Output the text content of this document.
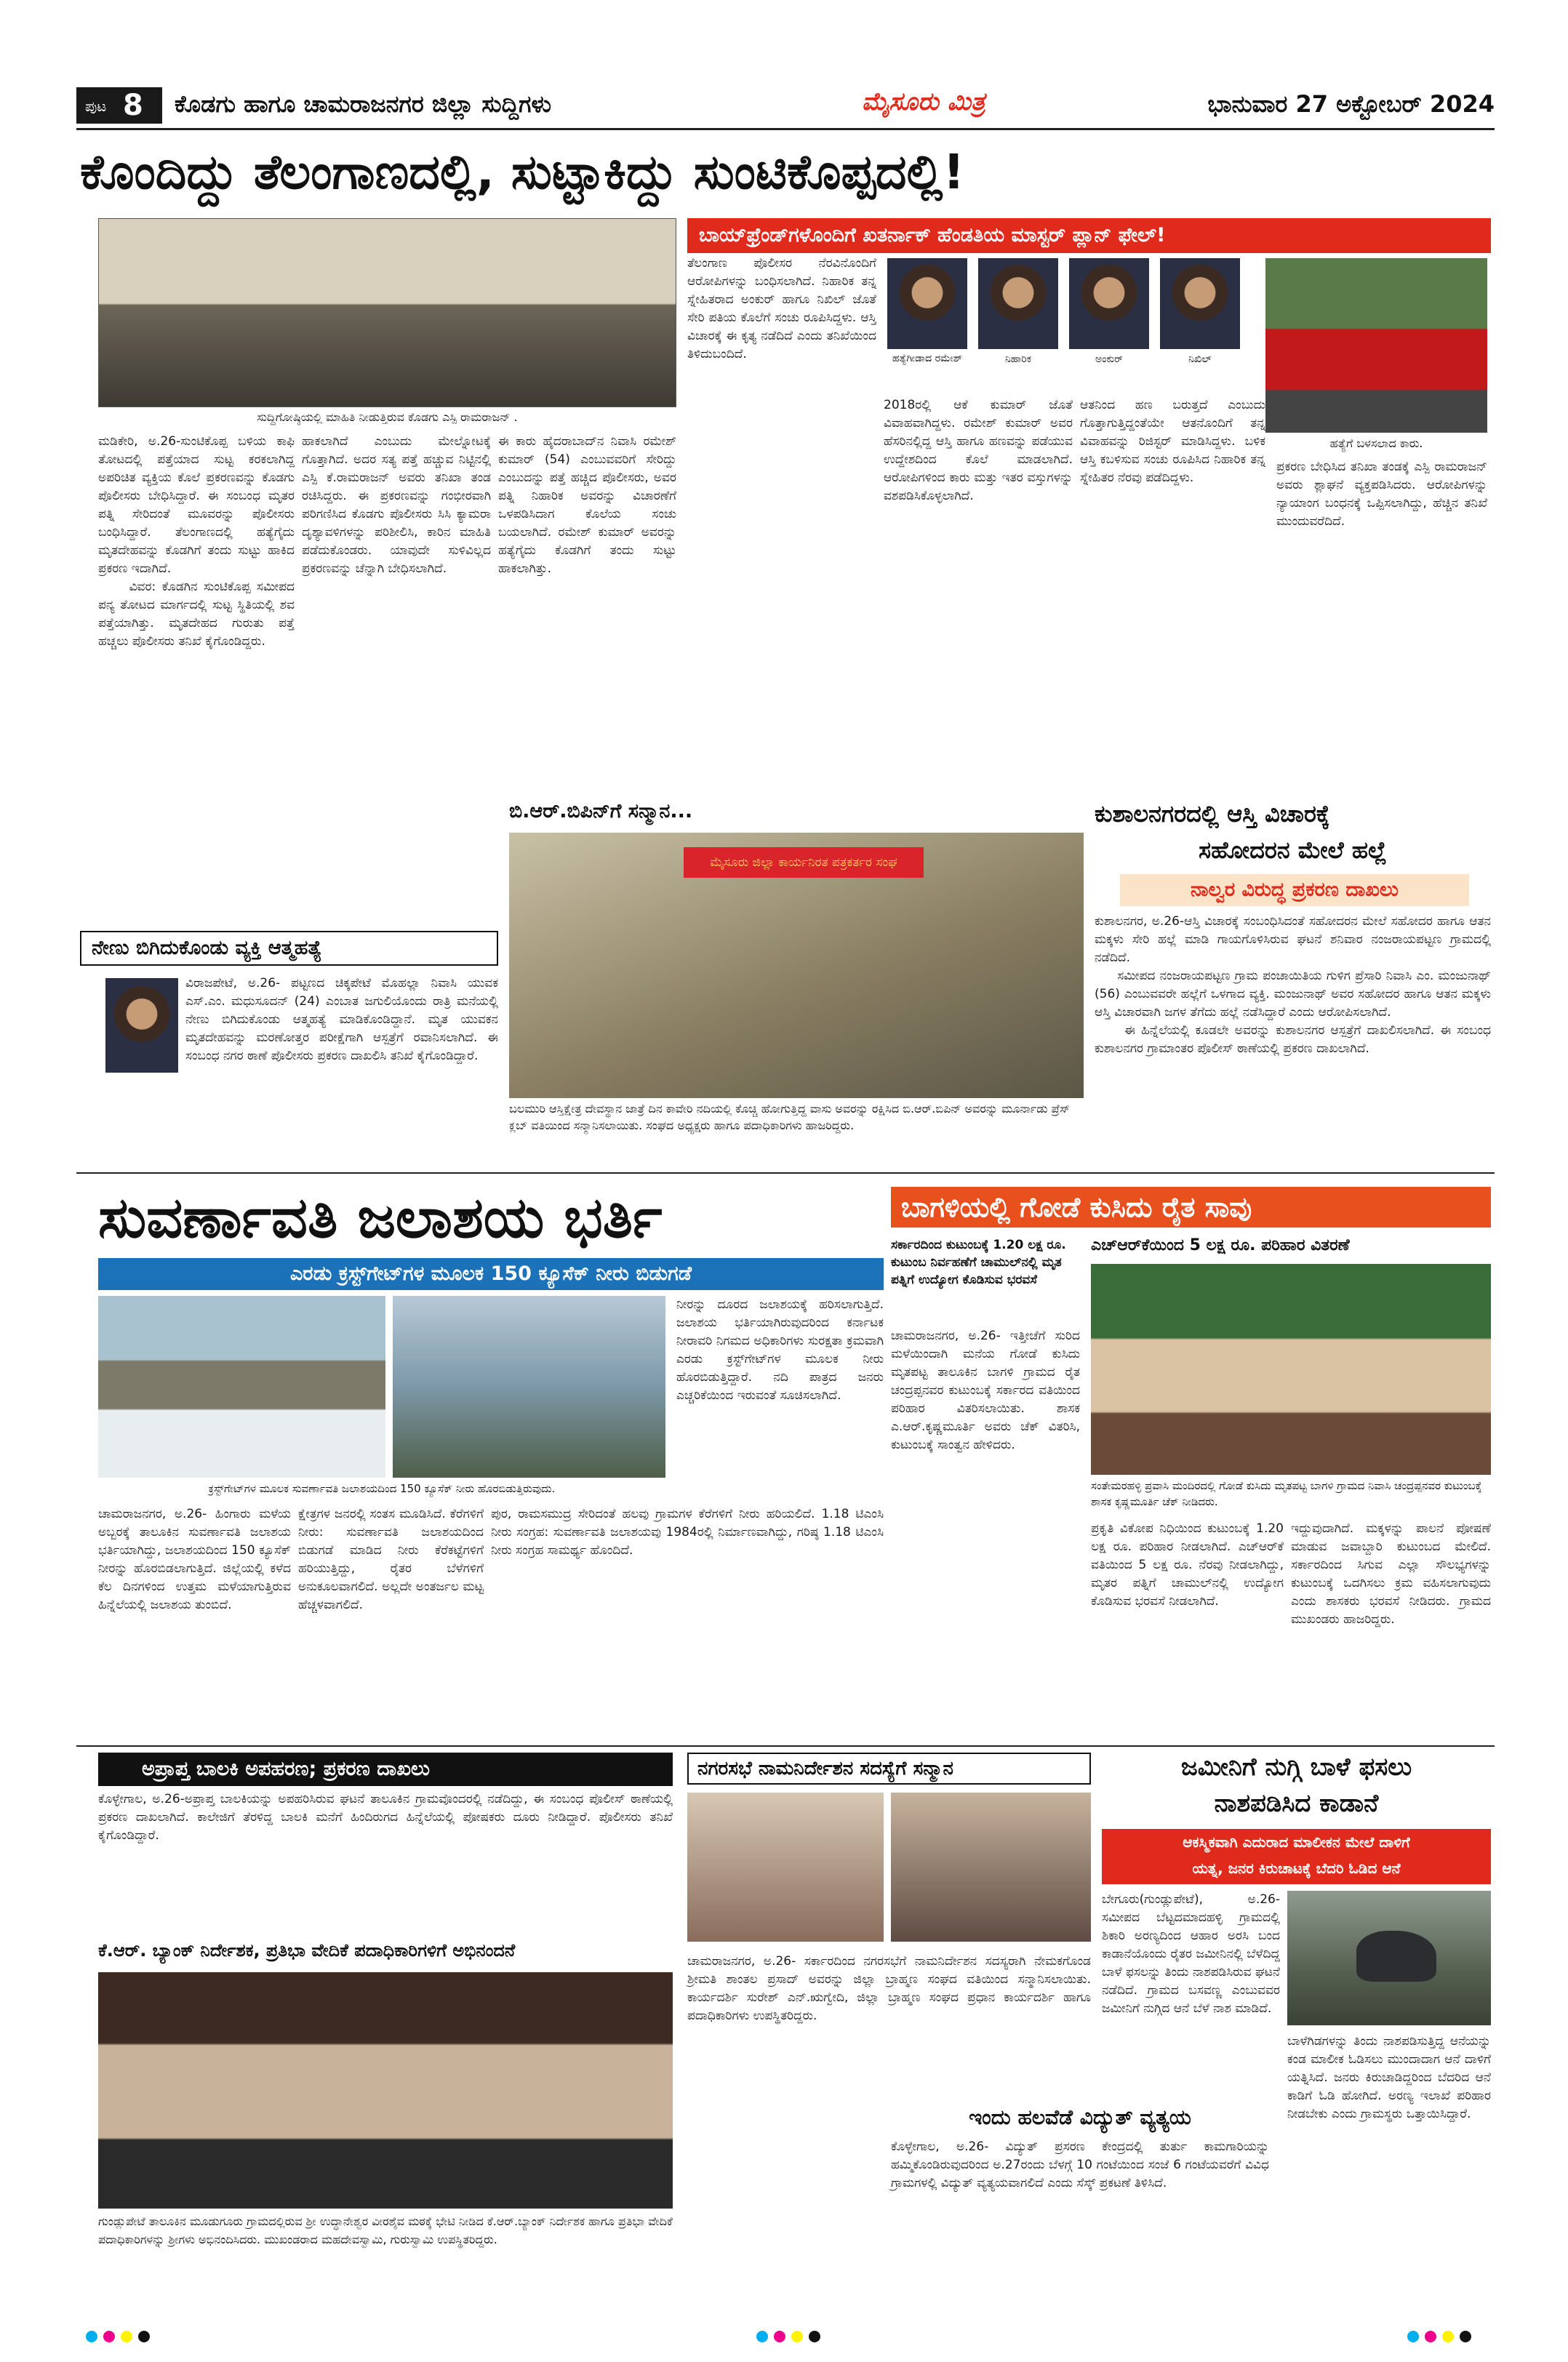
ಪುಟ 8 ಕೊಡಗು ಹಾಗೂ ಚಾಮರಾಜನಗರ ಜಿಲ್ಲಾ ಸುದ್ದಿಗಳು	ಮೈಸೂರು ಮಿತ್ರ	ಭಾನುವಾರ 27 ಅಕ್ಟೋಬರ್ 2024
ಕೊಂದಿದ್ದು ತೆಲಂಗಾಣದಲ್ಲಿ, ಸುಟ್ಟಾಕಿದ್ದು ಸುಂಟಿಕೊಪ್ಪದಲ್ಲಿ!
ಸುದ್ದಿಗೋಷ್ಠಿಯಲ್ಲಿ ಮಾಹಿತಿ ನೀಡುತ್ತಿರುವ ಕೊಡಗು ಎಸ್ಪಿ ರಾಮರಾಜನ್ .
ಬಾಯ್‌ಫ್ರೆಂಡ್‌ಗಳೊಂದಿಗೆ ಖತರ್ನಾಕ್ ಹೆಂಡತಿಯ ಮಾಸ್ಟರ್ ಪ್ಲಾನ್ ಫೇಲ್!
ಹತ್ಯೆಗೀಡಾದ ರಮೇಶ್	ನಿಹಾರಿಕ	ಅಂಕುರ್	ನಿಖಿಲ್
ಹತ್ಯೆಗೆ ಬಳಸಲಾದ ಕಾರು.
ಮಡಿಕೇರಿ, ಅ.26-ಸುಂಟಿಕೊಪ್ಪ ಬಳಿಯ ಕಾಫಿ ತೋಟದಲ್ಲಿ ಪತ್ತೆಯಾದ ಸುಟ್ಟ ಕರಕಲಾಗಿದ್ದ ಅಪರಿಚಿತ ವ್ಯಕ್ತಿಯ ಕೊಲೆ ಪ್ರಕರಣವನ್ನು ಕೊಡಗು ಪೊಲೀಸರು ಬೇಧಿಸಿದ್ದಾರೆ. ಈ ಸಂಬಂಧ ಮೃತರ ಪತ್ನಿ ಸೇರಿದಂತೆ ಮೂವರನ್ನು ಪೊಲೀಸರು ಬಂಧಿಸಿದ್ದಾರೆ. ತೆಲಂಗಾಣದಲ್ಲಿ ಹತ್ಯೆಗೈದು ಮೃತದೇಹವನ್ನು ಕೊಡಗಿಗೆ ತಂದು ಸುಟ್ಟು ಹಾಕಿದ ಪ್ರಕರಣ ಇದಾಗಿದೆ.
ವಿವರ: ಕೊಡಗಿನ ಸುಂಟಿಕೊಪ್ಪ ಸಮೀಪದ ಪನ್ಯ ತೋಟದ ಮಾರ್ಗದಲ್ಲಿ ಸುಟ್ಟ ಸ್ಥಿತಿಯಲ್ಲಿ ಶವ ಪತ್ತೆಯಾಗಿತ್ತು. ಮೃತದೇಹದ ಗುರುತು ಪತ್ತೆ ಹಚ್ಚಲು ಪೊಲೀಸರು ತನಿಖೆ ಕೈಗೊಂಡಿದ್ದರು.
ಹಾಕಲಾಗಿದೆ ಎಂಬುದು ಮೇಲ್ನೋಟಕ್ಕೆ ಗೊತ್ತಾಗಿದೆ. ಅದರ ಸತ್ಯ ಪತ್ತೆ ಹಚ್ಚುವ ನಿಟ್ಟಿನಲ್ಲಿ ಎಸ್ಪಿ ಕೆ.ರಾಮರಾಜನ್ ಅವರು ತನಿಖಾ ತಂಡ ರಚಿಸಿದ್ದರು. ಈ ಪ್ರಕರಣವನ್ನು ಗಂಭೀರವಾಗಿ ಪರಿಗಣಿಸಿದ ಕೊಡಗು ಪೊಲೀಸರು ಸಿಸಿ ಕ್ಯಾಮರಾ ದೃಶ್ಯಾವಳಿಗಳನ್ನು ಪರಿಶೀಲಿಸಿ, ಕಾರಿನ ಮಾಹಿತಿ ಪಡೆದುಕೊಂಡರು. ಯಾವುದೇ ಸುಳಿವಿಲ್ಲದ ಪ್ರಕರಣವನ್ನು ಚೆನ್ನಾಗಿ ಬೇಧಿಸಲಾಗಿದೆ.
ಈ ಕಾರು ಹೈದರಾಬಾದ್‌ನ ನಿವಾಸಿ ರಮೇಶ್ ಕುಮಾರ್ (54) ಎಂಬುವವರಿಗೆ ಸೇರಿದ್ದು ಎಂಬುದನ್ನು ಪತ್ತೆ ಹಚ್ಚಿದ ಪೊಲೀಸರು, ಅವರ ಪತ್ನಿ ನಿಹಾರಿಕ ಅವರನ್ನು ವಿಚಾರಣೆಗೆ ಒಳಪಡಿಸಿದಾಗ ಕೊಲೆಯ ಸಂಚು ಬಯಲಾಗಿದೆ. ರಮೇಶ್ ಕುಮಾರ್ ಅವರನ್ನು ಹತ್ಯೆಗೈದು ಕೊಡಗಿಗೆ ತಂದು ಸುಟ್ಟು ಹಾಕಲಾಗಿತ್ತು.
ತೆಲಂಗಾಣ ಪೊಲೀಸರ ನೆರವಿನೊಂದಿಗೆ ಆರೋಪಿಗಳನ್ನು ಬಂಧಿಸಲಾಗಿದೆ. ನಿಹಾರಿಕ ತನ್ನ ಸ್ನೇಹಿತರಾದ ಅಂಕುರ್ ಹಾಗೂ ನಿಖಿಲ್ ಜೊತೆ ಸೇರಿ ಪತಿಯ ಕೊಲೆಗೆ ಸಂಚು ರೂಪಿಸಿದ್ದಳು. ಆಸ್ತಿ ವಿಚಾರಕ್ಕೆ ಈ ಕೃತ್ಯ ನಡೆದಿದೆ ಎಂದು ತನಿಖೆಯಿಂದ ತಿಳಿದುಬಂದಿದೆ.
2018ರಲ್ಲಿ ಆಕೆ ಕುಮಾರ್ ಜೊತೆ ವಿವಾಹವಾಗಿದ್ದಳು. ರಮೇಶ್ ಕುಮಾರ್ ಅವರ ಹೆಸರಿನಲ್ಲಿದ್ದ ಆಸ್ತಿ ಹಾಗೂ ಹಣವನ್ನು ಪಡೆಯುವ ಉದ್ದೇಶದಿಂದ ಕೊಲೆ ಮಾಡಲಾಗಿದೆ. ಆರೋಪಿಗಳಿಂದ ಕಾರು ಮತ್ತು ಇತರ ವಸ್ತುಗಳನ್ನು ವಶಪಡಿಸಿಕೊಳ್ಳಲಾಗಿದೆ.
ಆತನಿಂದ ಹಣ ಬರುತ್ತದೆ ಎಂಬುದು ಗೊತ್ತಾಗುತ್ತಿದ್ದಂತೆಯೇ ಆತನೊಂದಿಗೆ ತನ್ನ ವಿವಾಹವನ್ನು ರಿಜಿಸ್ಟರ್ ಮಾಡಿಸಿದ್ದಳು. ಬಳಿಕ ಆಸ್ತಿ ಕಬಳಿಸುವ ಸಂಚು ರೂಪಿಸಿದ ನಿಹಾರಿಕ ತನ್ನ ಸ್ನೇಹಿತರ ನೆರವು ಪಡೆದಿದ್ದಳು.
ಪ್ರಕರಣ ಬೇಧಿಸಿದ ತನಿಖಾ ತಂಡಕ್ಕೆ ಎಸ್ಪಿ ರಾಮರಾಜನ್ ಅವರು ಶ್ಲಾಘನೆ ವ್ಯಕ್ತಪಡಿಸಿದರು. ಆರೋಪಿಗಳನ್ನು ನ್ಯಾಯಾಂಗ ಬಂಧನಕ್ಕೆ ಒಪ್ಪಿಸಲಾಗಿದ್ದು, ಹೆಚ್ಚಿನ ತನಿಖೆ ಮುಂದುವರೆದಿದೆ.
ನೇಣು ಬಿಗಿದುಕೊಂಡು ವ್ಯಕ್ತಿ ಆತ್ಮಹತ್ಯೆ
ವಿರಾಜಪೇಟೆ, ಅ.26- ಪಟ್ಟಣದ ಚಿಕ್ಕಪೇಟೆ ಮೊಹಲ್ಲಾ ನಿವಾಸಿ ಯುವಕ ಎಸ್.ಎಂ. ಮಧುಸೂದನ್ (24) ಎಂಬಾತ ಜಗುಲಿಯೊಂದು ರಾತ್ರಿ ಮನೆಯಲ್ಲಿ ನೇಣು ಬಿಗಿದುಕೊಂಡು ಆತ್ಮಹತ್ಯೆ ಮಾಡಿಕೊಂಡಿದ್ದಾನೆ. ಮೃತ ಯುವಕನ ಮೃತದೇಹವನ್ನು ಮರಣೋತ್ತರ ಪರೀಕ್ಷೆಗಾಗಿ ಆಸ್ಪತ್ರೆಗೆ ರವಾನಿಸಲಾಗಿದೆ. ಈ ಸಂಬಂಧ ನಗರ ಠಾಣೆ ಪೊಲೀಸರು ಪ್ರಕರಣ ದಾಖಲಿಸಿ ತನಿಖೆ ಕೈಗೊಂಡಿದ್ದಾರೆ.
ಬಿ.ಆರ್.ಬಿಪಿನ್‌ಗೆ ಸನ್ಮಾನ...
ಮೈಸೂರು ಜಿಲ್ಲಾ ಕಾರ್ಯನಿರತ ಪತ್ರಕರ್ತರ ಸಂಘ
ಬಲಮುರಿ ಆಸ್ತಿಕ್ಷೇತ್ರ ದೇವಸ್ಥಾನ ಜಾತ್ರೆ ದಿನ ಕಾವೇರಿ ನದಿಯಲ್ಲಿ ಕೊಚ್ಚಿ ಹೋಗುತ್ತಿದ್ದ ವಾಸು ಅವರನ್ನು ರಕ್ಷಿಸಿದ ಬಿ.ಆರ್.ಬಿಪಿನ್ ಅವರನ್ನು ಮೂರ್ನಾಡು ಪ್ರೆಸ್ ಕ್ಲಬ್ ವತಿಯಿಂದ ಸನ್ಮಾನಿಸಲಾಯಿತು. ಸಂಘದ ಅಧ್ಯಕ್ಷರು ಹಾಗೂ ಪದಾಧಿಕಾರಿಗಳು ಹಾಜರಿದ್ದರು.
ಕುಶಾಲನಗರದಲ್ಲಿ ಆಸ್ತಿ ವಿಚಾರಕ್ಕೆ
ಸಹೋದರನ ಮೇಲೆ ಹಲ್ಲೆ
ನಾಲ್ವರ ವಿರುದ್ಧ ಪ್ರಕರಣ ದಾಖಲು
ಕುಶಾಲನಗರ, ಅ.26-ಆಸ್ತಿ ವಿಚಾರಕ್ಕೆ ಸಂಬಂಧಿಸಿದಂತೆ ಸಹೋದರನ ಮೇಲೆ ಸಹೋದರ ಹಾಗೂ ಆತನ ಮಕ್ಕಳು ಸೇರಿ ಹಲ್ಲೆ ಮಾಡಿ ಗಾಯಗೊಳಿಸಿರುವ ಘಟನೆ ಶನಿವಾರ ನಂಜರಾಯಪಟ್ಟಣ ಗ್ರಾಮದಲ್ಲಿ ನಡೆದಿದೆ.
ಸಮೀಪದ ನಂಜರಾಯಪಟ್ಟಣ ಗ್ರಾಮ ಪಂಚಾಯಿತಿಯ ಗುಳಿಗ ಪ್ರೆಸಾರಿ ನಿವಾಸಿ ಎಂ. ಮಂಜುನಾಥ್ (56) ಎಂಬುವವರೇ ಹಲ್ಲೆಗೆ ಒಳಗಾದ ವ್ಯಕ್ತಿ. ಮಂಜುನಾಥ್ ಅವರ ಸಹೋದರ ಹಾಗೂ ಆತನ ಮಕ್ಕಳು ಆಸ್ತಿ ವಿಚಾರವಾಗಿ ಜಗಳ ತೆಗೆದು ಹಲ್ಲೆ ನಡೆಸಿದ್ದಾರೆ ಎಂದು ಆರೋಪಿಸಲಾಗಿದೆ.
ಈ ಹಿನ್ನೆಲೆಯಲ್ಲಿ ಕೂಡಲೇ ಅವರನ್ನು ಕುಶಾಲನಗರ ಆಸ್ಪತ್ರೆಗೆ ದಾಖಲಿಸಲಾಗಿದೆ. ಈ ಸಂಬಂಧ ಕುಶಾಲನಗರ ಗ್ರಾಮಾಂತರ ಪೊಲೀಸ್ ಠಾಣೆಯಲ್ಲಿ ಪ್ರಕರಣ ದಾಖಲಾಗಿದೆ.
ಸುವರ್ಣಾವತಿ ಜಲಾಶಯ ಭರ್ತಿ
ಎರಡು ಕ್ರಸ್ಟ್‌ಗೇಟ್‌ಗಳ ಮೂಲಕ 150 ಕ್ಯೂಸೆಕ್ ನೀರು ಬಿಡುಗಡೆ
ಕ್ರಸ್ಟ್‌ಗೇಟ್‌ಗಳ ಮೂಲಕ ಸುವರ್ಣಾವತಿ ಜಲಾಶಯದಿಂದ 150 ಕ್ಯೂಸೆಕ್ ನೀರು ಹೊರಬಿಡುತ್ತಿರುವುದು.
ನೀರನ್ನು ದೂರದ ಜಲಾಶಯಕ್ಕೆ ಹರಿಸಲಾಗುತ್ತಿದೆ. ಜಲಾಶಯ ಭರ್ತಿಯಾಗಿರುವುದರಿಂದ ಕರ್ನಾಟಕ ನೀರಾವರಿ ನಿಗಮದ ಅಧಿಕಾರಿಗಳು ಸುರಕ್ಷತಾ ಕ್ರಮವಾಗಿ ಎರಡು ಕ್ರಸ್ಟ್‌ಗೇಟ್‌ಗಳ ಮೂಲಕ ನೀರು ಹೊರಬಿಡುತ್ತಿದ್ದಾರೆ. ನದಿ ಪಾತ್ರದ ಜನರು ಎಚ್ಚರಿಕೆಯಿಂದ ಇರುವಂತೆ ಸೂಚಿಸಲಾಗಿದೆ.
ಚಾಮರಾಜನಗರ, ಅ.26- ಹಿಂಗಾರು ಮಳೆಯ ಅಬ್ಬರಕ್ಕೆ ತಾಲೂಕಿನ ಸುವರ್ಣಾವತಿ ಜಲಾಶಯ ಭರ್ತಿಯಾಗಿದ್ದು, ಜಲಾಶಯದಿಂದ 150 ಕ್ಯೂಸೆಕ್ ನೀರನ್ನು ಹೊರಬಿಡಲಾಗುತ್ತಿದೆ. ಜಿಲ್ಲೆಯಲ್ಲಿ ಕಳೆದ ಕೆಲ ದಿನಗಳಿಂದ ಉತ್ತಮ ಮಳೆಯಾಗುತ್ತಿರುವ ಹಿನ್ನೆಲೆಯಲ್ಲಿ ಜಲಾಶಯ ತುಂಬಿದೆ.
ಕ್ಷೇತ್ರಗಳ ಜನರಲ್ಲಿ ಸಂತಸ ಮೂಡಿಸಿದೆ. ಕೆರೆಗಳಿಗೆ ನೀರು: ಸುವರ್ಣಾವತಿ ಜಲಾಶಯದಿಂದ ಬಿಡುಗಡೆ ಮಾಡಿದ ನೀರು ಕೆರೆಕಟ್ಟೆಗಳಿಗೆ ಹರಿಯುತ್ತಿದ್ದು, ರೈತರ ಬೆಳೆಗಳಿಗೆ ಅನುಕೂಲವಾಗಲಿದೆ. ಅಲ್ಲದೇ ಅಂತರ್ಜಲ ಮಟ್ಟ ಹೆಚ್ಚಳವಾಗಲಿದೆ.
ಪುರ, ರಾಮಸಮುದ್ರ ಸೇರಿದಂತೆ ಹಲವು ಗ್ರಾಮಗಳ ಕೆರೆಗಳಿಗೆ ನೀರು ಹರಿಯಲಿದೆ. 1.18 ಟಿಎಂಸಿ ನೀರು ಸಂಗ್ರಹ: ಸುವರ್ಣಾವತಿ ಜಲಾಶಯವು 1984ರಲ್ಲಿ ನಿರ್ಮಾಣವಾಗಿದ್ದು, ಗರಿಷ್ಠ 1.18 ಟಿಎಂಸಿ ನೀರು ಸಂಗ್ರಹ ಸಾಮರ್ಥ್ಯ ಹೊಂದಿದೆ.
ಬಾಗಳಿಯಲ್ಲಿ ಗೋಡೆ ಕುಸಿದು ರೈತ ಸಾವು
ಸರ್ಕಾರದಿಂದ ಕುಟುಂಬಕ್ಕೆ 1.20 ಲಕ್ಷ ರೂ. ಕುಟುಂಬ ನಿರ್ವಹಣೆಗೆ ಚಾಮುಲ್‌ನಲ್ಲಿ ಮೃತ ಪತ್ನಿಗೆ ಉದ್ಯೋಗ ಕೊಡಿಸುವ ಭರವಸೆ
ಎಚ್‌ಆರ್‌ಕೆಯಿಂದ 5 ಲಕ್ಷ ರೂ. ಪರಿಹಾರ ವಿತರಣೆ
ಸಂತೇಮರಹಳ್ಳಿ ಪ್ರವಾಸಿ ಮಂದಿರದಲ್ಲಿ ಗೋಡೆ ಕುಸಿದು ಮೃತಪಟ್ಟ ಬಾಗಳಿ ಗ್ರಾಮದ ನಿವಾಸಿ ಚಂದ್ರಪ್ಪನವರ ಕುಟುಂಬಕ್ಕೆ ಶಾಸಕ ಕೃಷ್ಣಮೂರ್ತಿ ಚೆಕ್ ನೀಡಿದರು.
ಚಾಮರಾಜನಗರ, ಅ.26- ಇತ್ತೀಚೆಗೆ ಸುರಿದ ಮಳೆಯಿಂದಾಗಿ ಮನೆಯ ಗೋಡೆ ಕುಸಿದು ಮೃತಪಟ್ಟ ತಾಲೂಕಿನ ಬಾಗಳಿ ಗ್ರಾಮದ ರೈತ ಚಂದ್ರಪ್ಪನವರ ಕುಟುಂಬಕ್ಕೆ ಸರ್ಕಾರದ ವತಿಯಿಂದ ಪರಿಹಾರ ವಿತರಿಸಲಾಯಿತು. ಶಾಸಕ ಎ.ಆರ್.ಕೃಷ್ಣಮೂರ್ತಿ ಅವರು ಚೆಕ್ ವಿತರಿಸಿ, ಕುಟುಂಬಕ್ಕೆ ಸಾಂತ್ವನ ಹೇಳಿದರು.
ಪ್ರಕೃತಿ ವಿಕೋಪ ನಿಧಿಯಿಂದ ಕುಟುಂಬಕ್ಕೆ 1.20 ಲಕ್ಷ ರೂ. ಪರಿಹಾರ ನೀಡಲಾಗಿದೆ. ಎಚ್‌ಆರ್‌ಕೆ ವತಿಯಿಂದ 5 ಲಕ್ಷ ರೂ. ನೆರವು ನೀಡಲಾಗಿದ್ದು, ಮೃತರ ಪತ್ನಿಗೆ ಚಾಮುಲ್‌ನಲ್ಲಿ ಉದ್ಯೋಗ ಕೊಡಿಸುವ ಭರವಸೆ ನೀಡಲಾಗಿದೆ.
ಇದ್ದುವುದಾಗಿದೆ. ಮಕ್ಕಳನ್ನು ಪಾಲನೆ ಪೋಷಣೆ ಮಾಡುವ ಜವಾಬ್ದಾರಿ ಕುಟುಂಬದ ಮೇಲಿದೆ. ಸರ್ಕಾರದಿಂದ ಸಿಗುವ ಎಲ್ಲಾ ಸೌಲಭ್ಯಗಳನ್ನು ಕುಟುಂಬಕ್ಕೆ ಒದಗಿಸಲು ಕ್ರಮ ವಹಿಸಲಾಗುವುದು ಎಂದು ಶಾಸಕರು ಭರವಸೆ ನೀಡಿದರು. ಗ್ರಾಮದ ಮುಖಂಡರು ಹಾಜರಿದ್ದರು.
ಅಪ್ರಾಪ್ತ ಬಾಲಕಿ ಅಪಹರಣ; ಪ್ರಕರಣ ದಾಖಲು
ಕೊಳ್ಳೇಗಾಲ, ಅ.26-ಅಪ್ರಾಪ್ತ ಬಾಲಕಿಯನ್ನು ಅಪಹರಿಸಿರುವ ಘಟನೆ ತಾಲೂಕಿನ ಗ್ರಾಮವೊಂದರಲ್ಲಿ ನಡೆದಿದ್ದು, ಈ ಸಂಬಂಧ ಪೊಲೀಸ್ ಠಾಣೆಯಲ್ಲಿ ಪ್ರಕರಣ ದಾಖಲಾಗಿದೆ. ಕಾಲೇಜಿಗೆ ತೆರಳಿದ್ದ ಬಾಲಕಿ ಮನೆಗೆ ಹಿಂದಿರುಗದ ಹಿನ್ನೆಲೆಯಲ್ಲಿ ಪೋಷಕರು ದೂರು ನೀಡಿದ್ದಾರೆ. ಪೊಲೀಸರು ತನಿಖೆ ಕೈಗೊಂಡಿದ್ದಾರೆ.
ಕೆ.ಆರ್. ಬ್ಯಾಂಕ್ ನಿರ್ದೇಶಕ, ಪ್ರತಿಭಾ ವೇದಿಕೆ ಪದಾಧಿಕಾರಿಗಳಿಗೆ ಅಭಿನಂದನೆ
ಗುಂಡ್ಲುಪೇಟೆ ತಾಲೂಕಿನ ಮೂಡುಗೂರು ಗ್ರಾಮದಲ್ಲಿರುವ ಶ್ರೀ ಉದ್ಧಾನೇಶ್ವರ ವೀರಶೈವ ಮಠಕ್ಕೆ ಭೇಟಿ ನೀಡಿದ ಕೆ.ಆರ್.ಬ್ಯಾಂಕ್ ನಿರ್ದೇಶಕ ಹಾಗೂ ಪ್ರತಿಭಾ ವೇದಿಕೆ ಪದಾಧಿಕಾರಿಗಳನ್ನು ಶ್ರೀಗಳು ಅಭಿನಂದಿಸಿದರು. ಮುಖಂಡರಾದ ಮಹದೇವಸ್ವಾಮಿ, ಗುರುಸ್ವಾಮಿ ಉಪಸ್ಥಿತರಿದ್ದರು.
ನಗರಸಭೆ ನಾಮನಿರ್ದೇಶನ ಸದಸ್ಯೆಗೆ ಸನ್ಮಾನ
ಚಾಮರಾಜನಗರ, ಅ.26- ಸರ್ಕಾರದಿಂದ ನಗರಸಭೆಗೆ ನಾಮನಿರ್ದೇಶನ ಸದಸ್ಯರಾಗಿ ನೇಮಕಗೊಂಡ ಶ್ರೀಮತಿ ಶಾಂತಲ ಪ್ರಸಾದ್ ಅವರನ್ನು ಜಿಲ್ಲಾ ಬ್ರಾಹ್ಮಣ ಸಂಘದ ವತಿಯಿಂದ ಸನ್ಮಾನಿಸಲಾಯಿತು. ಕಾರ್ಯದರ್ಶಿ ಸುರೇಶ್ ಎನ್.ಋಗ್ವೇದಿ, ಜಿಲ್ಲಾ ಬ್ರಾಹ್ಮಣ ಸಂಘದ ಪ್ರಧಾನ ಕಾರ್ಯದರ್ಶಿ ಹಾಗೂ ಪದಾಧಿಕಾರಿಗಳು ಉಪಸ್ಥಿತರಿದ್ದರು.
ಇಂದು ಹಲವೆಡೆ ವಿದ್ಯುತ್ ವ್ಯತ್ಯಯ
ಕೊಳ್ಳೇಗಾಲ, ಅ.26- ವಿದ್ಯುತ್ ಪ್ರಸರಣ ಕೇಂದ್ರದಲ್ಲಿ ತುರ್ತು ಕಾಮಗಾರಿಯನ್ನು ಹಮ್ಮಿಕೊಂಡಿರುವುದರಿಂದ ಅ.27ರಂದು ಬೆಳಗ್ಗೆ 10 ಗಂಟೆಯಿಂದ ಸಂಜೆ 6 ಗಂಟೆಯವರೆಗೆ ವಿವಿಧ ಗ್ರಾಮಗಳಲ್ಲಿ ವಿದ್ಯುತ್ ವ್ಯತ್ಯಯವಾಗಲಿದೆ ಎಂದು ಸೆಸ್ಕ್ ಪ್ರಕಟಣೆ ತಿಳಿಸಿದೆ.
ಜಮೀನಿಗೆ ನುಗ್ಗಿ ಬಾಳೆ ಫಸಲು
ನಾಶಪಡಿಸಿದ ಕಾಡಾನೆ
ಆಕಸ್ಮಿಕವಾಗಿ ಎದುರಾದ ಮಾಲೀಕನ ಮೇಲೆ ದಾಳಿಗೆ
ಯತ್ನ, ಜನರ ಕಿರುಚಾಟಕ್ಕೆ ಬೆದರಿ ಓಡಿದ ಆನೆ
ಬೇಗೂರು(ಗುಂಡ್ಲುಪೇಟೆ), ಅ.26- ಸಮೀಪದ ಬೆಟ್ಟದಮಾದಹಳ್ಳಿ ಗ್ರಾಮದಲ್ಲಿ ಶಿಕಾರಿ ಅರಣ್ಯದಿಂದ ಆಹಾರ ಅರಸಿ ಬಂದ ಕಾಡಾನೆಯೊಂದು ರೈತರ ಜಮೀನಿನಲ್ಲಿ ಬೆಳೆದಿದ್ದ ಬಾಳೆ ಫಸಲನ್ನು ತಿಂದು ನಾಶಪಡಿಸಿರುವ ಘಟನೆ ನಡೆದಿದೆ. ಗ್ರಾಮದ ಬಸವಣ್ಣ ಎಂಬುವವರ ಜಮೀನಿಗೆ ನುಗ್ಗಿದ ಆನೆ ಬೆಳೆ ನಾಶ ಮಾಡಿದೆ.
ಬಾಳೆಗಿಡಗಳನ್ನು ತಿಂದು ನಾಶಪಡಿಸುತ್ತಿದ್ದ ಆನೆಯನ್ನು ಕಂಡ ಮಾಲೀಕ ಓಡಿಸಲು ಮುಂದಾದಾಗ ಆನೆ ದಾಳಿಗೆ ಯತ್ನಿಸಿದೆ. ಜನರು ಕಿರುಚಾಡಿದ್ದರಿಂದ ಬೆದರಿದ ಆನೆ ಕಾಡಿಗೆ ಓಡಿ ಹೋಗಿದೆ. ಅರಣ್ಯ ಇಲಾಖೆ ಪರಿಹಾರ ನೀಡಬೇಕು ಎಂದು ಗ್ರಾಮಸ್ಥರು ಒತ್ತಾಯಿಸಿದ್ದಾರೆ.
